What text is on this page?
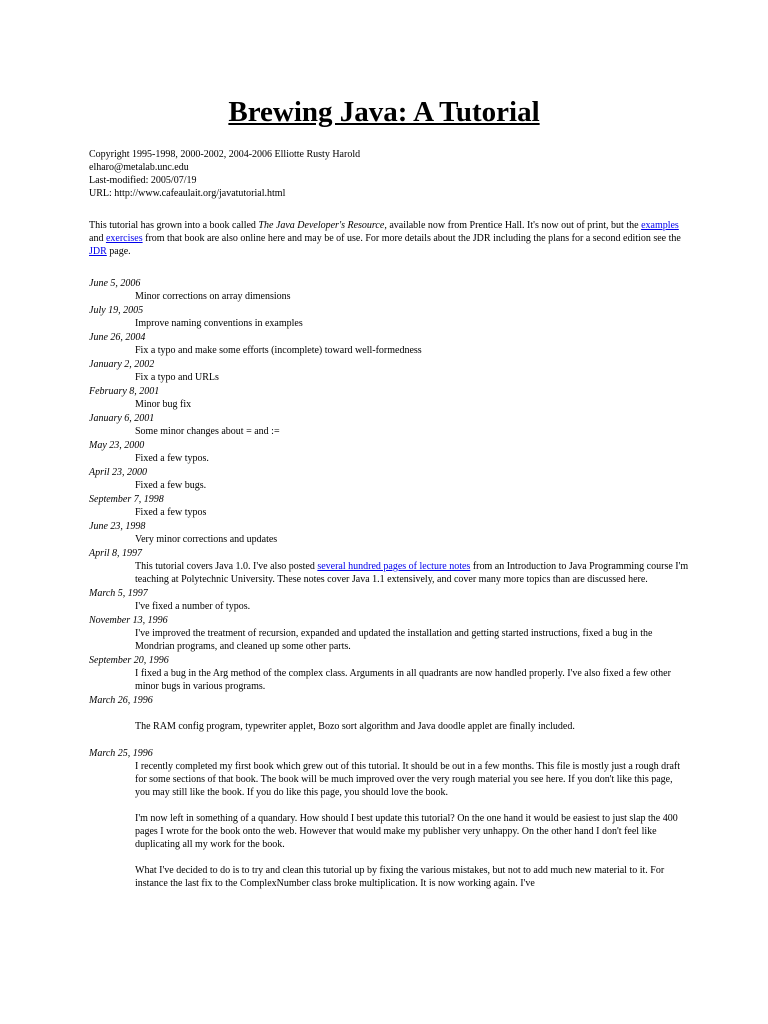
Brewing Java: A Tutorial
Copyright 1995-1998, 2000-2002, 2004-2006 Elliotte Rusty Harold
elharo@metalab.unc.edu
Last-modified: 2005/07/19
URL: http://www.cafeaulait.org/javatutorial.html
This tutorial has grown into a book called The Java Developer's Resource, available now from Prentice Hall. It's now out of print, but the examples and exercises from that book are also online here and may be of use. For more details about the JDR including the plans for a second edition see the JDR page.
June 5, 2006
Minor corrections on array dimensions
July 19, 2005
Improve naming conventions in examples
June 26, 2004
Fix a typo and make some efforts (incomplete) toward well-formedness
January 2, 2002
Fix a typo and URLs
February 8, 2001
Minor bug fix
January 6, 2001
Some minor changes about = and :=
May 23, 2000
Fixed a few typos.
April 23, 2000
Fixed a few bugs.
September 7, 1998
Fixed a few typos
June 23, 1998
Very minor corrections and updates
April 8, 1997
This tutorial covers Java 1.0. I've also posted several hundred pages of lecture notes from an Introduction to Java Programming course I'm teaching at Polytechnic University. These notes cover Java 1.1 extensively, and cover many more topics than are discussed here.
March 5, 1997
I've fixed a number of typos.
November 13, 1996
I've improved the treatment of recursion, expanded and updated the installation and getting started instructions, fixed a bug in the Mondrian programs, and cleaned up some other parts.
September 20, 1996
I fixed a bug in the Arg method of the complex class. Arguments in all quadrants are now handled properly. I've also fixed a few other minor bugs in various programs.
March 26, 1996

The RAM config program, typewriter applet, Bozo sort algorithm and Java doodle applet are finally included.

March 25, 1996

I recently completed my first book which grew out of this tutorial. It should be out in a few months. This file is mostly just a rough draft for some sections of that book. The book will be much improved over the very rough material you see here. If you don't like this page, you may still like the book. If you do like this page, you should love the book.

I'm now left in something of a quandary. How should I best update this tutorial? On the one hand it would be easiest to just slap the 400 pages I wrote for the book onto the web. However that would make my publisher very unhappy. On the other hand I don't feel like duplicating all my work for the book.

What I've decided to do is to try and clean this tutorial up by fixing the various mistakes, but not to add much new material to it. For instance the last fix to the ComplexNumber class broke multiplication. It is now working again. I've
